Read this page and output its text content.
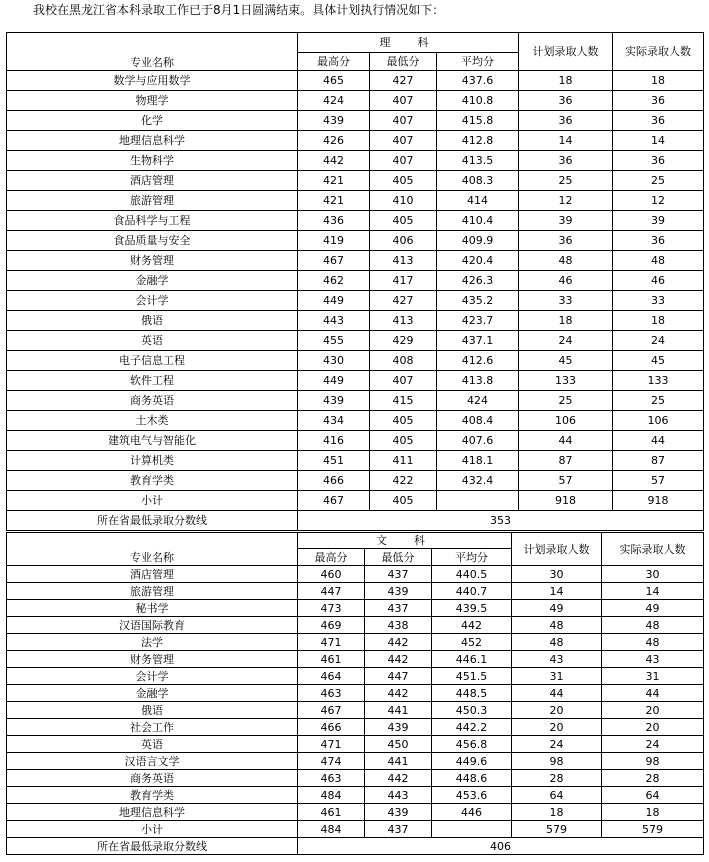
我校在黑龙江省本科录取工作已于8月1日圆满结束。具体计划执行情况如下：
专业名称	理　科			计划录取人数	实际录取人数
	最高分	最低分	平均分		
数学与应用数学	465	427	437.6	18	18
物理学	424	407	410.8	36	36
化学	439	407	415.8	36	36
地理信息科学	426	407	412.8	14	14
生物科学	442	407	413.5	36	36
酒店管理	421	405	408.3	25	25
旅游管理	421	410	414	12	12
食品科学与工程	436	405	410.4	39	39
食品质量与安全	419	406	409.9	36	36
财务管理	467	413	420.4	48	48
金融学	462	417	426.3	46	46
会计学	449	427	435.2	33	33
俄语	443	413	423.7	18	18
英语	455	429	437.1	24	24
电子信息工程	430	408	412.6	45	45
软件工程	449	407	413.8	133	133
商务英语	439	415	424	25	25
土木类	434	405	408.4	106	106
建筑电气与智能化	416	405	407.6	44	44
计算机类	451	411	418.1	87	87
教育学类	466	422	432.4	57	57
小计	467	405		918	918
所在省最低录取分数线	353				
专业名称	文　科			计划录取人数	实际录取人数
	最高分	最低分	平均分		
酒店管理	460	437	440.5	30	30
旅游管理	447	439	440.7	14	14
秘书学	473	437	439.5	49	49
汉语国际教育	469	438	442	48	48
法学	471	442	452	48	48
财务管理	461	442	446.1	43	43
会计学	464	447	451.5	31	31
金融学	463	442	448.5	44	44
俄语	467	441	450.3	20	20
社会工作	466	439	442.2	20	20
英语	471	450	456.8	24	24
汉语言文学	474	441	449.6	98	98
商务英语	463	442	448.6	28	28
教育学类	484	443	453.6	64	64
地理信息科学	461	439	446	18	18
小计	484	437		579	579
所在省最低录取分数线	406				
